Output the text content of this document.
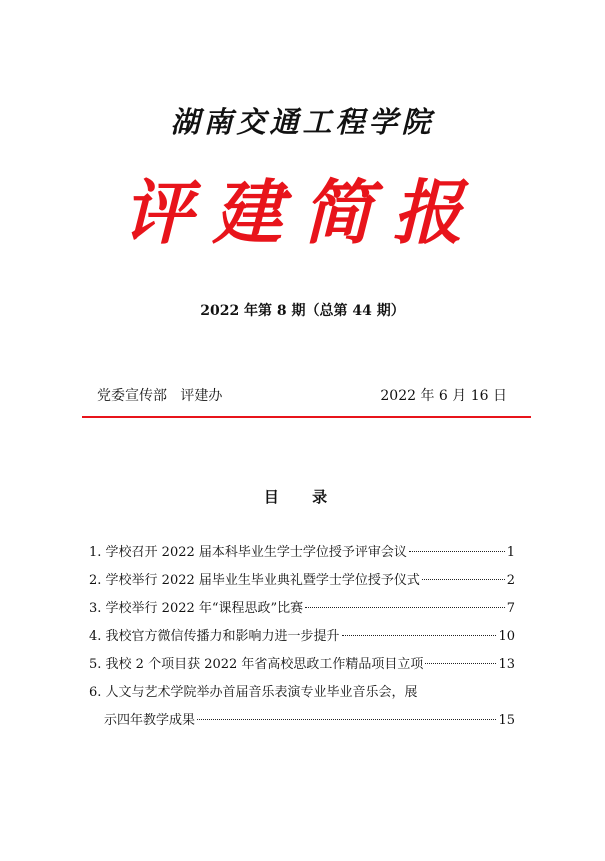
湖南交通工程学院
评建简报
2022 年第 8 期（总第 44 期）
党委宣传部   评建办	2022 年 6 月 16 日
目 录
1. 学校召开 2022 届本科毕业生学士学位授予评审会议	1
2. 学校举行 2022 届毕业生毕业典礼暨学士学位授予仪式	2
3. 学校举行 2022 年“课程思政”比赛	7
4. 我校官方微信传播力和影响力进一步提升	10
5. 我校 2 个项目获 2022 年省高校思政工作精品项目立项	13
6. 人文与艺术学院举办首届音乐表演专业毕业音乐会，展
示四年教学成果	15
